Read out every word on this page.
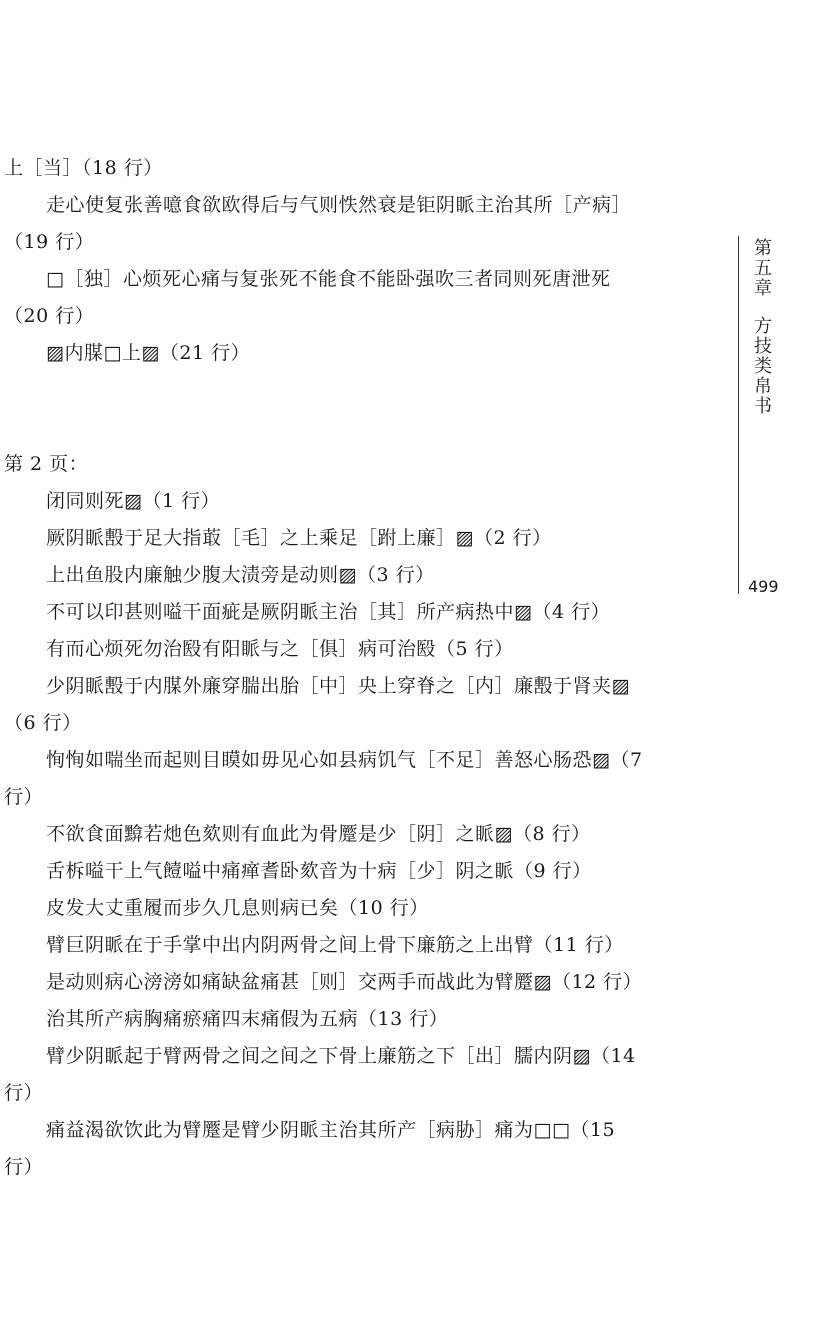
上［当］（18 行）
走心使复张善噫食欲欧得后与气则怢然衰是钜阴眽主治其所［产病］
（19 行）
□［独］心烦死心痛与复张死不能食不能卧强吹三者同则死唐泄死
（20 行）
▨内腜□上▨（21 行）
第 2 页：
闭同则死▨（1 行）
厥阴眽毄于足大指菆［毛］之上乘足［跗上廉］▨（2 行）
上出鱼股内廉触少腹大渍旁是动则▨（3 行）
不可以印甚则嗌干面疵是厥阴眽主治［其］所产病热中▨（4 行）
有而心烦死勿治殹有阳眽与之［俱］病可治殹（5 行）
少阴眽毄于内腜外廉穿腨出胎［中］央上穿脊之［内］廉毄于肾夹▨
（6 行）
恂恂如喘坐而起则目瞙如毋见心如县病饥气［不足］善怒心肠恐▨（7
行）
不欲食面黭若灺色欬则有血此为骨蹷是少［阴］之眽▨（8 行）
舌柝嗌干上气饐嗌中痛瘅耆卧欬音为十病［少］阴之眽（9 行）
皮发大丈重履而步久几息则病已矣（10 行）
臂巨阴眽在于手掌中出内阴两骨之间上骨下廉筋之上出臂（11 行）
是动则病心滂滂如痛缺盆痛甚［则］交两手而战此为臂蹷▨（12 行）
治其所产病胸痛瘀痛四末痛假为五病（13 行）
臂少阴眽起于臂两骨之间之间之下骨上廉筋之下［出］臑内阴▨（14
行）
痛益渴欲饮此为臂蹷是臂少阴眽主治其所产［病胁］痛为□□（15
行）
第五章方技类帛书
499
